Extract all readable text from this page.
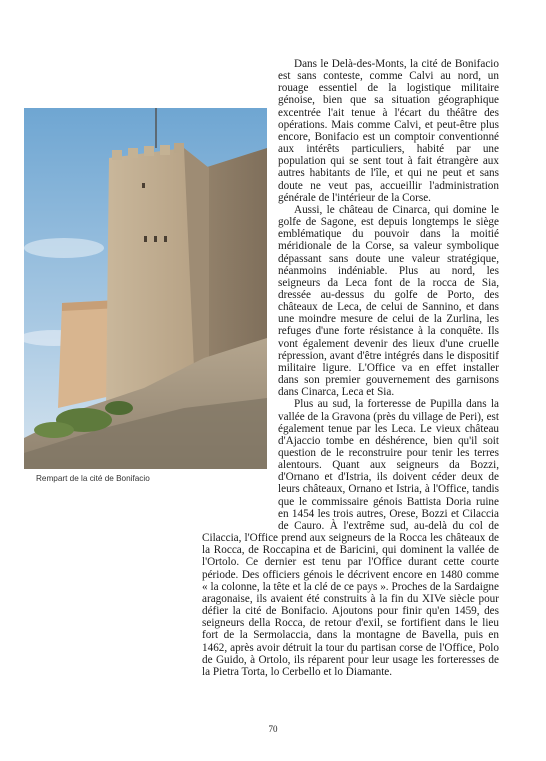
Rempart de la cité de Bonifacio

Dans le Delà-des-Monts, la cité de Bonifacio est sans conteste, comme Calvi au nord, un rouage essentiel de la logistique militaire génoise, bien que sa situation géographique excentrée l'ait tenue à l'écart du théâtre des opérations. Mais comme Calvi, et peut-être plus encore, Bonifacio est un comptoir conventionné aux intérêts particuliers, habité par une population qui se sent tout à fait étrangère aux autres habitants de l'île, et qui ne peut et sans doute ne veut pas, accueillir l'administration générale de l'intérieur de la Corse.

Aussi, le château de Cinarca, qui domine le golfe de Sagone, est depuis longtemps le siège emblématique du pouvoir dans la moitié méridionale de la Corse, sa valeur symbolique dépassant sans doute une valeur stratégique, néanmoins indéniable. Plus au nord, les seigneurs da Leca font de la rocca de Sia, dressée au-dessus du golfe de Porto, des châteaux de Leca, de celui de Sannino, et dans une moindre mesure de celui de la Zurlina, les refuges d'une forte résistance à la conquête. Ils vont également devenir des lieux d'une cruelle répression, avant d'être intégrés dans le dispositif militaire ligure. L'Office va en effet installer dans son premier gouvernement des garnisons dans Cinarca, Leca et Sia.

Plus au sud, la forteresse de Pupilla dans la vallée de la Gravona (près du village de Peri), est également tenue par les Leca. Le vieux château d'Ajaccio tombe en déshérence, bien qu'il soit question de le reconstruire pour tenir les terres alentours. Quant aux seigneurs da Bozzi, d'Ornano et d'Istria, ils doivent céder deux de leurs châteaux, Ornano et Istria, à l'Office, tandis que le commissaire génois Battista Doria ruine en 1454 les trois autres, Orese, Bozzi et Cilaccia de Cauro. À l'extrême sud, au-delà du col de Cilaccia, l'Office prend aux seigneurs de la Rocca les châteaux de la Rocca, de Roccapina et de Baricini, qui dominent la vallée de l'Ortolo. Ce dernier est tenu par l'Office durant cette courte période. Des officiers génois le décrivent encore en 1480 comme « la colonne, la tête et la clé de ce pays ». Proches de la Sardaigne aragonaise, ils avaient été construits à la fin du XIVe siècle pour défier la cité de Bonifacio. Ajoutons pour finir qu'en 1459, des seigneurs della Rocca, de retour d'exil, se fortifient dans le lieu fort de la Sermolaccia, dans la montagne de Bavella, puis en 1462, après avoir détruit la tour du partisan corse de l'Office, Polo de Guido, à Ortolo, ils réparent pour leur usage les forteresses de la Pietra Torta, lo Cerbello et lo Diamante.

70
